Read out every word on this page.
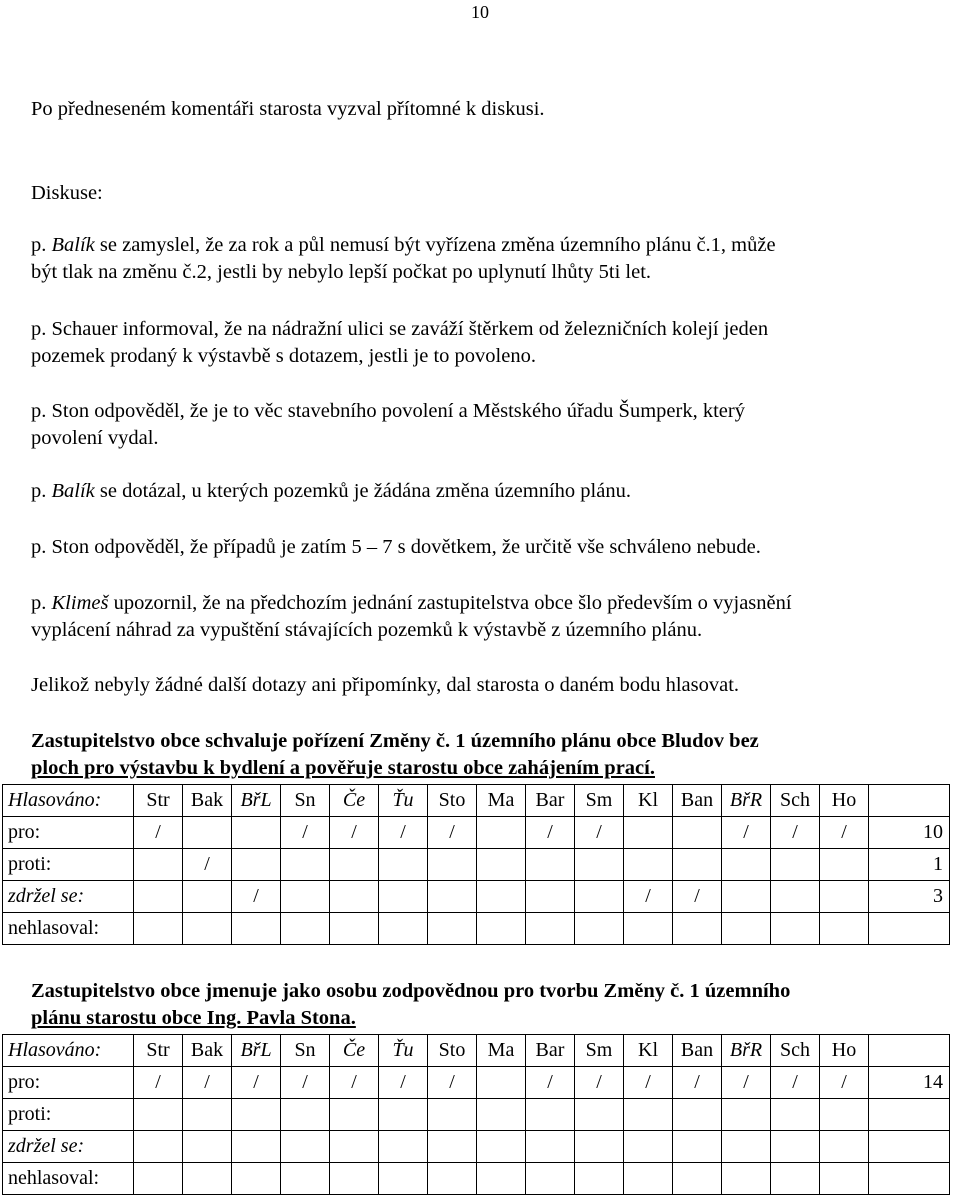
10

Po předneseném komentáři starosta vyzval přítomné k diskusi.

Diskuse:

p. Balík se zamyslel, že za rok a půl nemusí být vyřízena změna územního plánu č.1, může
být tlak na změnu č.2, jestli by nebylo lepší počkat po uplynutí lhůty 5ti let.
p. Schauer informoval, že na nádražní ulici se zaváží štěrkem od železničních kolejí jeden
pozemek prodaný k výstavbě s dotazem, jestli je to povoleno.
p. Ston odpověděl, že je to věc stavebního povolení a Městského úřadu Šumperk, který
povolení vydal.
p. Balík se dotázal, u kterých pozemků je žádána změna územního plánu.
p. Ston odpověděl, že případů je zatím 5 – 7 s dovětkem, že určitě vše schváleno nebude.
p. Klimeš upozornil, že na předchozím jednání zastupitelstva obce šlo především o vyjasnění
vyplácení náhrad za vypuštění stávajících pozemků k výstavbě z územního plánu.

Jelikož nebyly žádné další dotazy ani připomínky, dal starosta o daném bodu hlasovat.

Zastupitelstvo obce schvaluje pořízení Změny č. 1 územního plánu obce Bludov bez
ploch pro výstavbu k bydlení a pověřuje starostu obce zahájením prací.
Hlasováno:	Str	Bak	BřL	Sn	Če	Ťu	Sto	Ma	Bar	Sm	Kl	Ban	BřR	Sch	Ho	
pro:	/			/	/	/	/		/	/			/	/	/	10
proti:		/														1
zdržel se:			/								/	/				3
nehlasoval:																
Zastupitelstvo obce jmenuje jako osobu zodpovědnou pro tvorbu Změny č. 1 územního
plánu starostu obce Ing. Pavla Stona.
Hlasováno:	Str	Bak	BřL	Sn	Če	Ťu	Sto	Ma	Bar	Sm	Kl	Ban	BřR	Sch	Ho	
pro:	/	/	/	/	/	/	/		/	/	/	/	/	/	/	14
proti:																
zdržel se:																
nehlasoval:																
